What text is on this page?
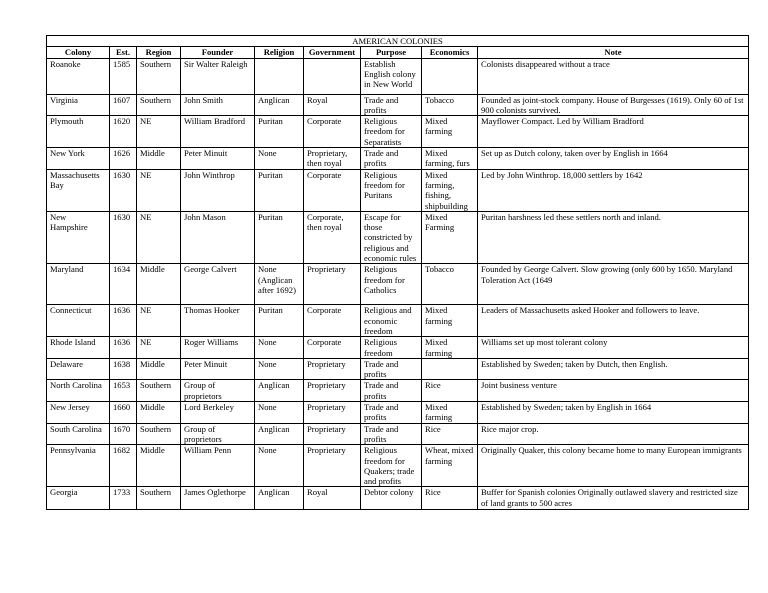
AMERICAN COLONIES								
Colony	Est.	Region	Founder	Religion	Government	Purpose	Economics	Note
Roanoke	1585	Southern	Sir Walter Raleigh			Establish English colony in New World		Colonists disappeared without a trace
Virginia	1607	Southern	John Smith	Anglican	Royal	Trade and profits	Tobacco	Founded as joint-stock company. House of Burgesses (1619). Only 60 of 1st 900 colonists survived.
Plymouth	1620	NE	William Bradford	Puritan	Corporate	Religious freedom for Separatists	Mixed farming	Mayflower Compact. Led by William Bradford
New York	1626	Middle	Peter Minuit	None	Proprietary, then royal	Trade and profits	Mixed farming, furs	Set up as Dutch colony, taken over by English in 1664
Massachusetts Bay	1630	NE	John Winthrop	Puritan	Corporate	Religious freedom for Puritans	Mixed farming, fishing, shipbuilding	Led by John Winthrop. 18,000 settlers by 1642
New Hampshire	1630	NE	John Mason	Puritan	Corporate, then royal	Escape for those constricted by religious and economic rules	Mixed Farming	Puritan harshness led these settlers north and inland.
Maryland	1634	Middle	George Calvert	None (Anglican after 1692)	Proprietary	Religious freedom for Catholics	Tobacco	Founded by George Calvert. Slow growing (only 600 by 1650. Maryland Toleration Act (1649
Connecticut	1636	NE	Thomas Hooker	Puritan	Corporate	Religious and economic freedom	Mixed farming	Leaders of Massachusetts asked Hooker and followers to leave.
Rhode Island	1636	NE	Roger Williams	None	Corporate	Religious freedom	Mixed farming	Williams set up most tolerant colony
Delaware	1638	Middle	Peter Minuit	None	Proprietary	Trade and profits		Established by Sweden; taken by Dutch, then English.
North Carolina	1653	Southern	Group of proprietors	Anglican	Proprietary	Trade and profits	Rice	Joint business venture
New Jersey	1660	Middle	Lord Berkeley	None	Proprietary	Trade and profits	Mixed farming	Established by Sweden; taken by English in 1664
South Carolina	1670	Southern	Group of proprietors	Anglican	Proprietary	Trade and profits	Rice	Rice major crop.
Pennsylvania	1682	Middle	William Penn	None	Proprietary	Religious freedom for Quakers; trade and profits	Wheat, mixed farming	Originally Quaker, this colony became home to many European immigrants
Georgia	1733	Southern	James Oglethorpe	Anglican	Royal	Debtor colony	Rice	Buffer for Spanish colonies Originally outlawed slavery and restricted size of land grants to 500 acres
